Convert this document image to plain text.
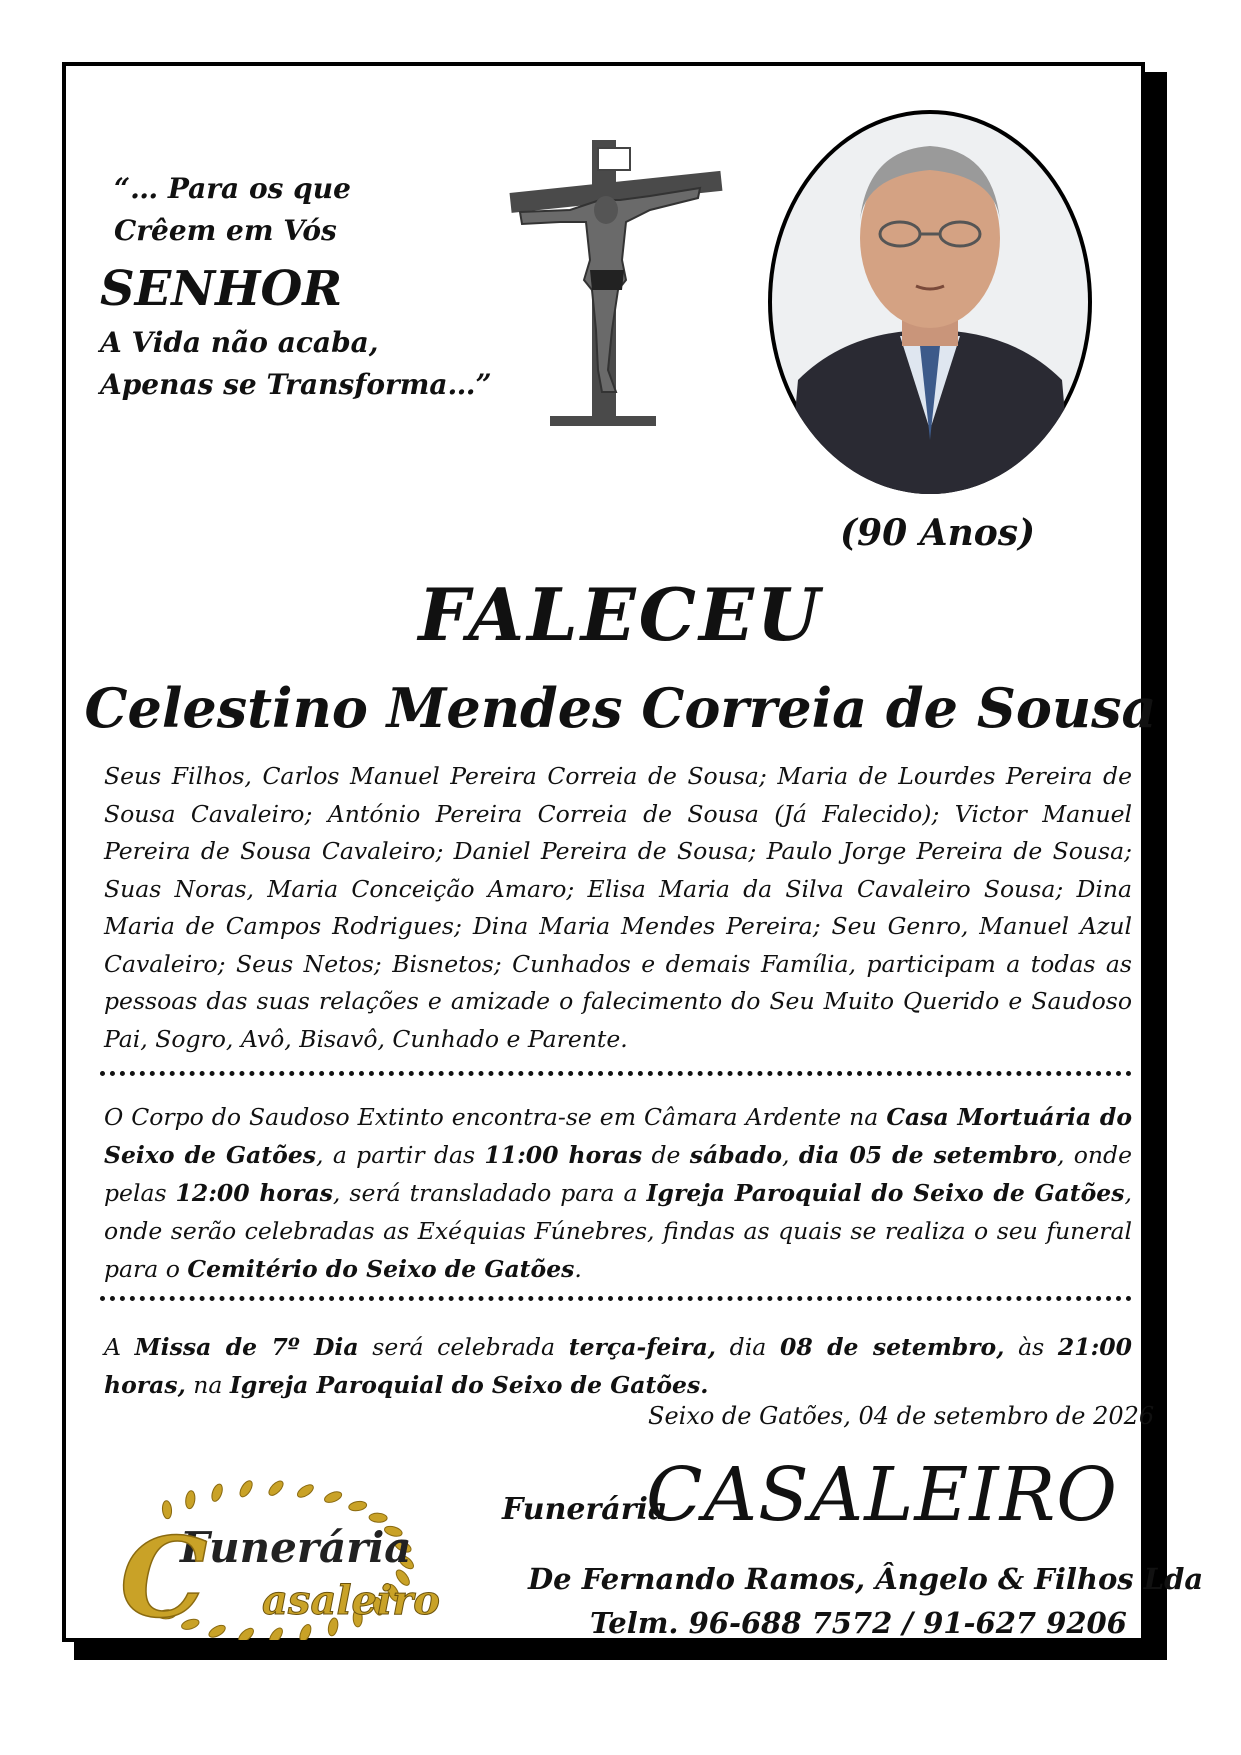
“… Para os que
Crêem em Vós
SENHOR
A Vida não acaba,
Apenas se Transforma…”
(90 Anos)
FALECEU
Celestino Mendes Correia de Sousa
Seus Filhos, Carlos Manuel Pereira Correia de Sousa; Maria de Lourdes Pereira de Sousa Cavaleiro; António Pereira Correia de Sousa (Já Falecido); Victor Manuel Pereira de Sousa Cavaleiro; Daniel Pereira de Sousa; Paulo Jorge Pereira de Sousa; Suas Noras, Maria Conceição Amaro; Elisa Maria da Silva Cavaleiro Sousa; Dina Maria de Campos Rodrigues; Dina Maria Mendes Pereira; Seu Genro, Manuel Azul Cavaleiro; Seus Netos; Bisnetos; Cunhados e demais Família, participam a todas as pessoas das suas relações e amizade o falecimento do Seu Muito Querido e Saudoso Pai, Sogro, Avô, Bisavô, Cunhado e Parente.
O Corpo do Saudoso Extinto encontra-se em Câmara Ardente na Casa Mortuária do Seixo de Gatões, a partir das 11:00 horas de sábado, dia 05 de setembro, onde pelas 12:00 horas, será transladado para a Igreja Paroquial do Seixo de Gatões, onde serão celebradas as Exéquias Fúnebres, findas as quais se realiza o seu funeral para o Cemitério do Seixo de Gatões.
A Missa de 7º Dia será celebrada terça-feira, dia 08 de setembro, às 21:00 horas, na Igreja Paroquial do Seixo de Gatões.
Seixo de Gatões, 04 de setembro de 2026
Funerária
C asaleiro
Funerária
CASALEIRO
De Fernando Ramos, Ângelo & Filhos Lda
Telm. 96-688 7572 / 91-627 9206
